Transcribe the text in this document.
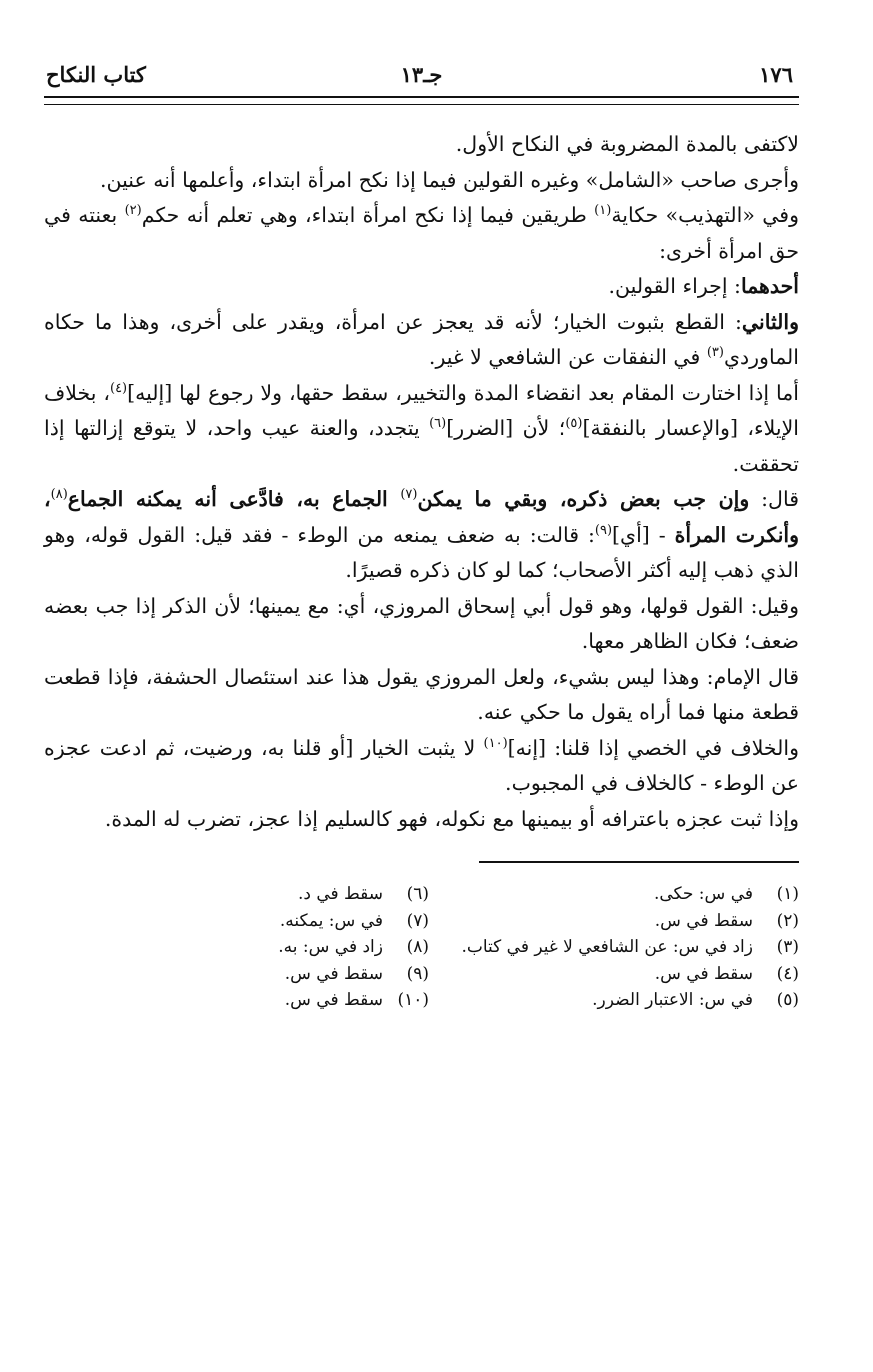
١٧٦
جـ١٣
كتاب النكاح

لاكتفى بالمدة المضروبة في النكاح الأول.

وأجرى صاحب «الشامل» وغيره القولين فيما إذا نكح امرأة ابتداء، وأعلمها أنه عنين.

وفي «التهذيب» حكاية$^{(١)}$ طريقين فيما إذا نكح امرأة ابتداء، وهي تعلم أنه حكم$^{(٢)}$ بعنته في حق امرأة أخرى:

أحدهما: إجراء القولين.

والثاني: القطع بثبوت الخيار؛ لأنه قد يعجز عن امرأة، ويقدر على أخرى، وهذا ما حكاه الماوردي$^{(٣)}$ في النفقات عن الشافعي لا غير.

أما إذا اختارت المقام بعد انقضاء المدة والتخيير، سقط حقها، ولا رجوع لها [إليه]$^{(٤)}$، بخلاف الإيلاء، [والإعسار بالنفقة]$^{(٥)}$؛ لأن [الضرر]$^{(٦)}$ يتجدد، والعنة عيب واحد، لا يتوقع إزالتها إذا تحققت.

قال: وإن جب بعض ذكره، وبقي ما يمكن$^{(٧)}$ الجماع به، فادَّعى أنه يمكنه الجماع$^{(٨)}$، وأنكرت المرأة - [أي]$^{(٩)}$: قالت: به ضعف يمنعه من الوطء - فقد قيل: القول قوله، وهو الذي ذهب إليه أكثر الأصحاب؛ كما لو كان ذكره قصيرًا.

وقيل: القول قولها، وهو قول أبي إسحاق المروزي، أي: مع يمينها؛ لأن الذكر إذا جب بعضه ضعف؛ فكان الظاهر معها.

قال الإمام: وهذا ليس بشيء، ولعل المروزي يقول هذا عند استئصال الحشفة، فإذا قطعت قطعة منها فما أراه يقول ما حكي عنه.

والخلاف في الخصي إذا قلنا: [إنه]$^{(١٠)}$ لا يثبت الخيار [أو قلنا به، ورضيت، ثم ادعت عجزه عن الوطء - كالخلاف في المجبوب.

وإذا ثبت عجزه باعترافه أو بيمينها مع نكوله، فهو كالسليم إذا عجز، تضرب له المدة.

(١)في س: حكى.

(٢)سقط في س.

(٣)زاد في س: عن الشافعي لا غير في كتاب.

(٤)سقط في س.

(٥)في س: الاعتبار الضرر.

(٦)سقط في د.

(٧)في س: يمكنه.

(٨)زاد في س: به.

(٩)سقط في س.

(١٠)سقط في س.
